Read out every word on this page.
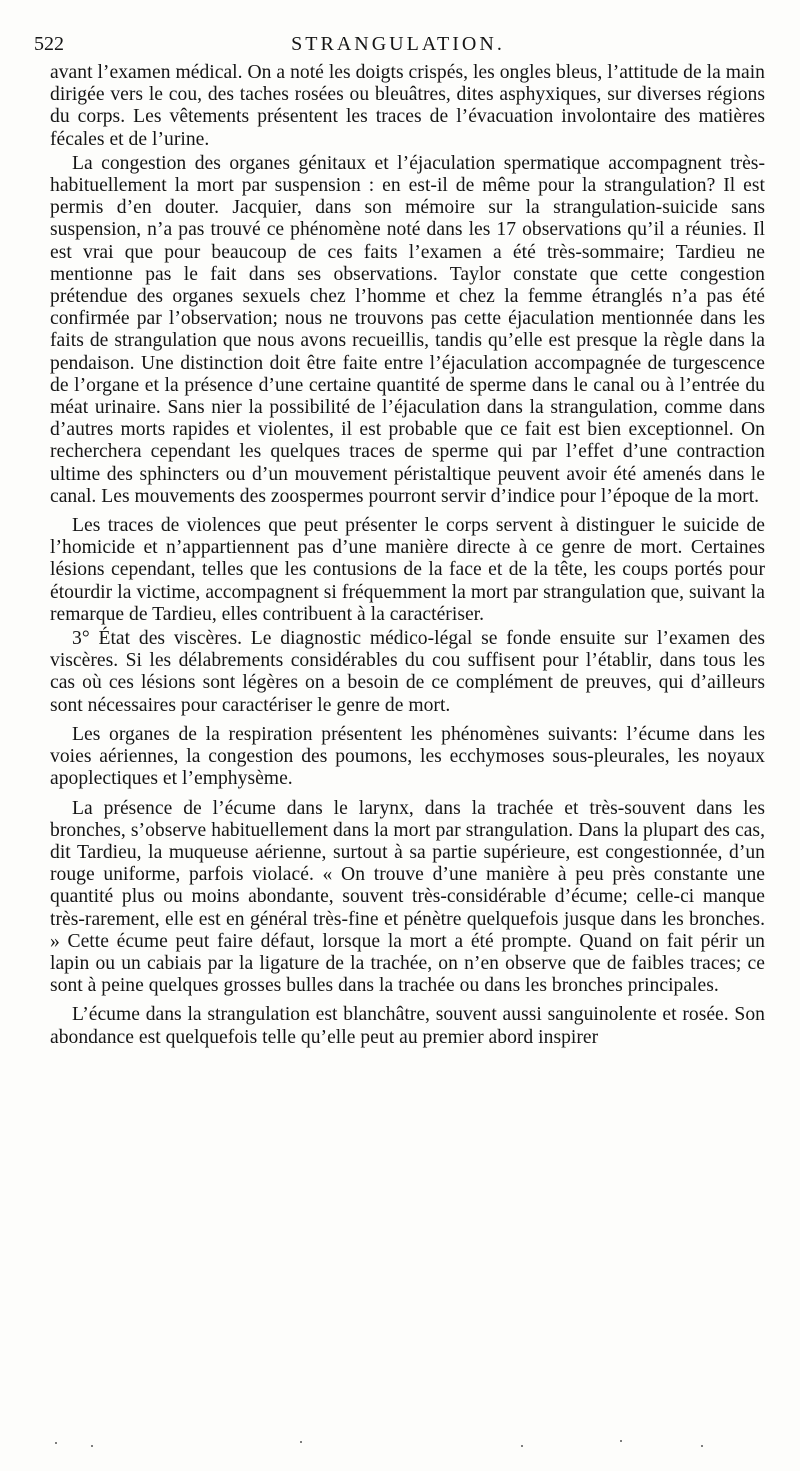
522	STRANGULATION.

avant l’examen médical. On a noté les doigts crispés, les ongles bleus, l’attitude de la main dirigée vers le cou, des taches rosées ou bleuâtres, dites asphyxiques, sur diverses régions du corps. Les vêtements présentent les traces de l’évacuation involontaire des matières fécales et de l’urine.

La congestion des organes génitaux et l’éjaculation spermatique accompagnent très-habituellement la mort par suspension : en est-il de même pour la strangulation? Il est permis d’en douter. Jacquier, dans son mémoire sur la strangulation-suicide sans suspension, n’a pas trouvé ce phénomène noté dans les 17 observations qu’il a réunies. Il est vrai que pour beaucoup de ces faits l’examen a été très-sommaire; Tardieu ne mentionne pas le fait dans ses observations. Taylor constate que cette congestion prétendue des organes sexuels chez l’homme et chez la femme étranglés n’a pas été confirmée par l’observation; nous ne trouvons pas cette éjaculation mentionnée dans les faits de strangulation que nous avons recueillis, tandis qu’elle est presque la règle dans la pendaison. Une distinction doit être faite entre l’éjaculation accompagnée de turgescence de l’organe et la présence d’une certaine quantité de sperme dans le canal ou à l’entrée du méat urinaire. Sans nier la possibilité de l’éjaculation dans la strangulation, comme dans d’autres morts rapides et violentes, il est probable que ce fait est bien exceptionnel. On recherchera cependant les quelques traces de sperme qui par l’effet d’une contraction ultime des sphincters ou d’un mouvement péristaltique peuvent avoir été amenés dans le canal. Les mouvements des zoospermes pourront servir d’indice pour l’époque de la mort.

Les traces de violences que peut présenter le corps servent à distinguer le suicide de l’homicide et n’appartiennent pas d’une manière directe à ce genre de mort. Certaines lésions cependant, telles que les contusions de la face et de la tête, les coups portés pour étourdir la victime, accompagnent si fréquemment la mort par strangulation que, suivant la remarque de Tardieu, elles contribuent à la caractériser.

3° État des viscères. Le diagnostic médico-légal se fonde ensuite sur l’examen des viscères. Si les délabrements considérables du cou suffisent pour l’établir, dans tous les cas où ces lésions sont légères on a besoin de ce complément de preuves, qui d’ailleurs sont nécessaires pour caractériser le genre de mort.

Les organes de la respiration présentent les phénomènes suivants: l’écume dans les voies aériennes, la congestion des poumons, les ecchymoses sous-pleurales, les noyaux apoplectiques et l’emphysème.

La présence de l’écume dans le larynx, dans la trachée et très-souvent dans les bronches, s’observe habituellement dans la mort par strangulation. Dans la plupart des cas, dit Tardieu, la muqueuse aérienne, surtout à sa partie supérieure, est congestionnée, d’un rouge uniforme, parfois violacé. « On trouve d’une manière à peu près constante une quantité plus ou moins abondante, souvent très-considérable d’écume; celle-ci manque très-rarement, elle est en général très-fine et pénètre quelquefois jusque dans les bronches. » Cette écume peut faire défaut, lorsque la mort a été prompte. Quand on fait périr un lapin ou un cabiais par la ligature de la trachée, on n’en observe que de faibles traces; ce sont à peine quelques grosses bulles dans la trachée ou dans les bronches principales.

L’écume dans la strangulation est blanchâtre, souvent aussi sanguinolente et rosée. Son abondance est quelquefois telle qu’elle peut au premier abord inspirer
